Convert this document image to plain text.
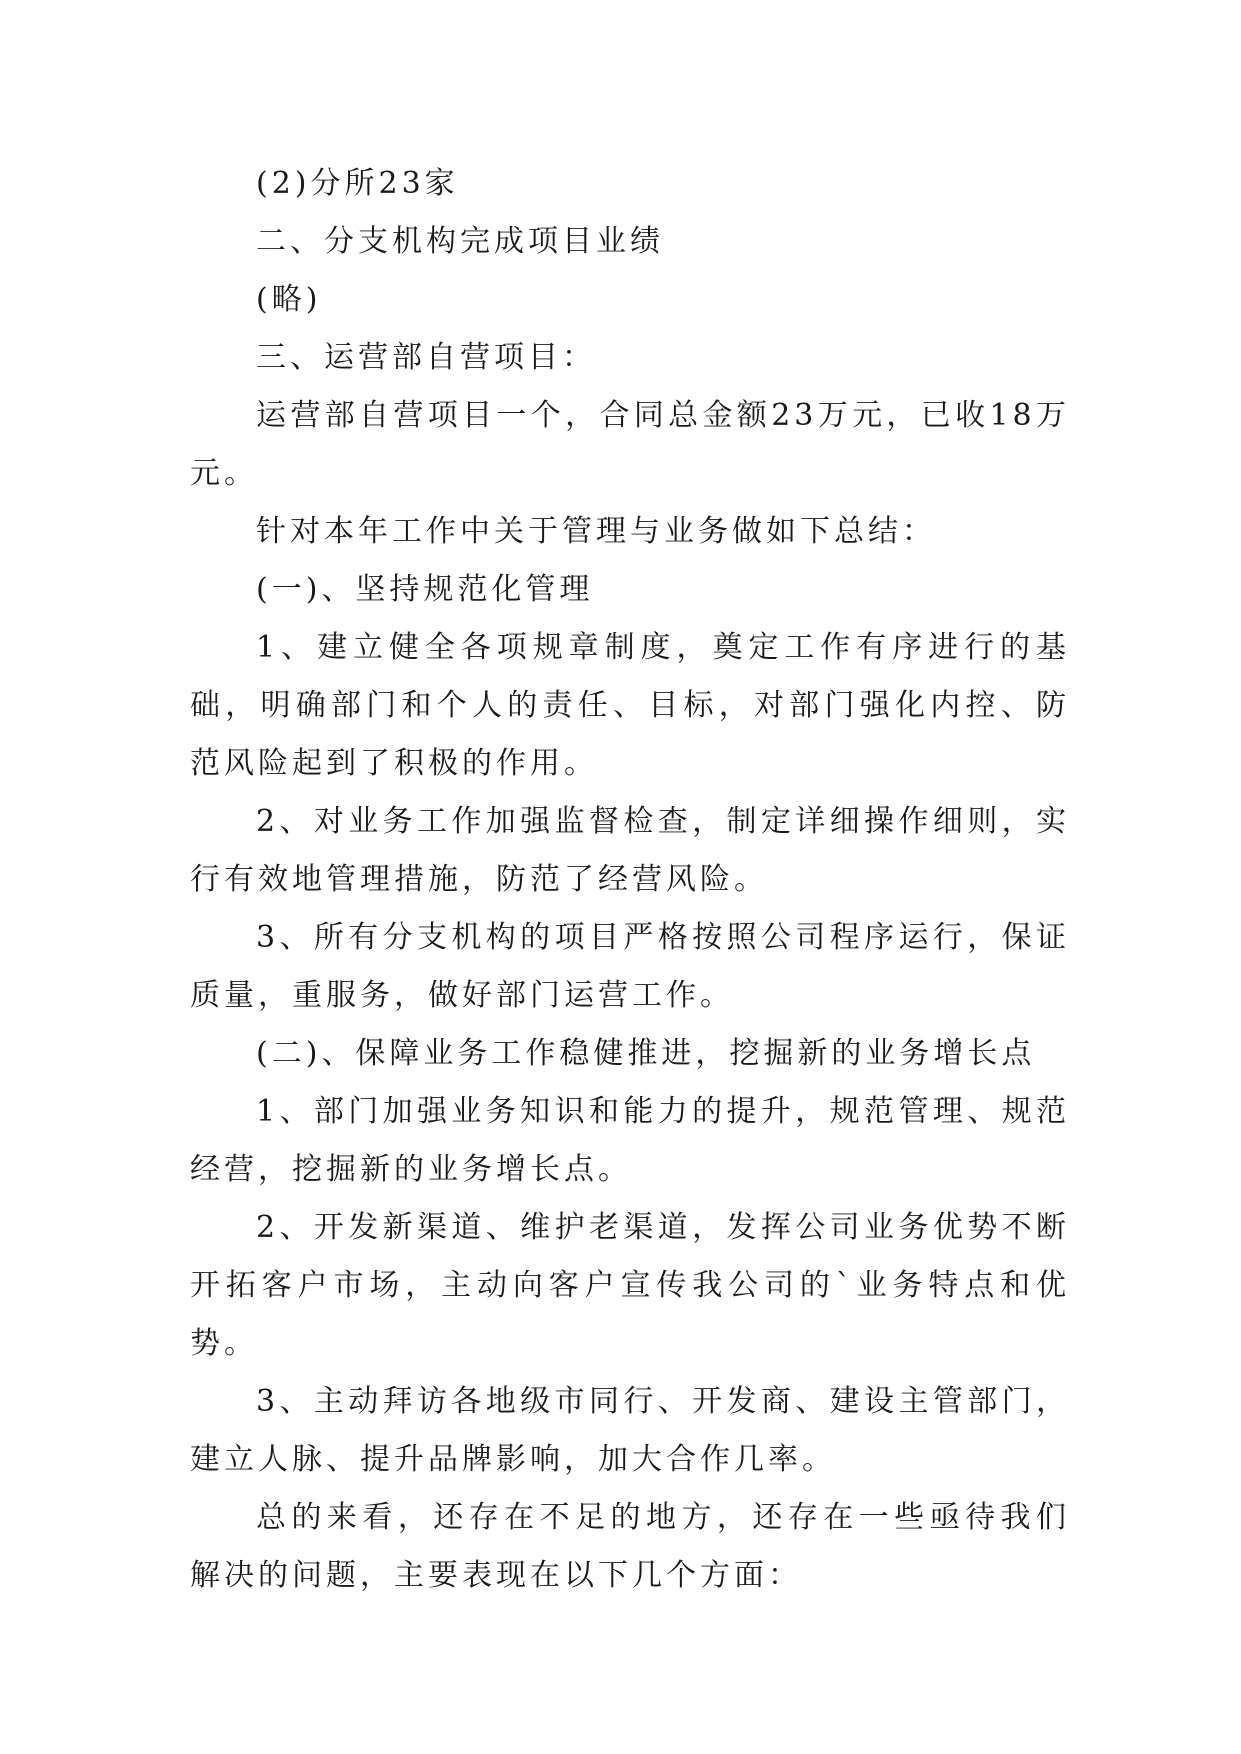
(2)分所23家

二、分支机构完成项目业绩

(略)

三、运营部自营项目：

运营部自营项目一个，合同总金额23万元，已收18万元。

针对本年工作中关于管理与业务做如下总结：

(一)、坚持规范化管理

1、建立健全各项规章制度，奠定工作有序进行的基础，明确部门和个人的责任、目标，对部门强化内控、防范风险起到了积极的作用。

2、对业务工作加强监督检查，制定详细操作细则，实行有效地管理措施，防范了经营风险。

3、所有分支机构的项目严格按照公司程序运行，保证质量，重服务，做好部门运营工作。

(二)、保障业务工作稳健推进，挖掘新的业务增长点

1、部门加强业务知识和能力的提升，规范管理、规范经营，挖掘新的业务增长点。

2、开发新渠道、维护老渠道，发挥公司业务优势不断开拓客户市场，主动向客户宣传我公司的`业务特点和优势。

3、主动拜访各地级市同行、开发商、建设主管部门，建立人脉、提升品牌影响，加大合作几率。

总的来看，还存在不足的地方，还存在一些亟待我们解决的问题，主要表现在以下几个方面：
